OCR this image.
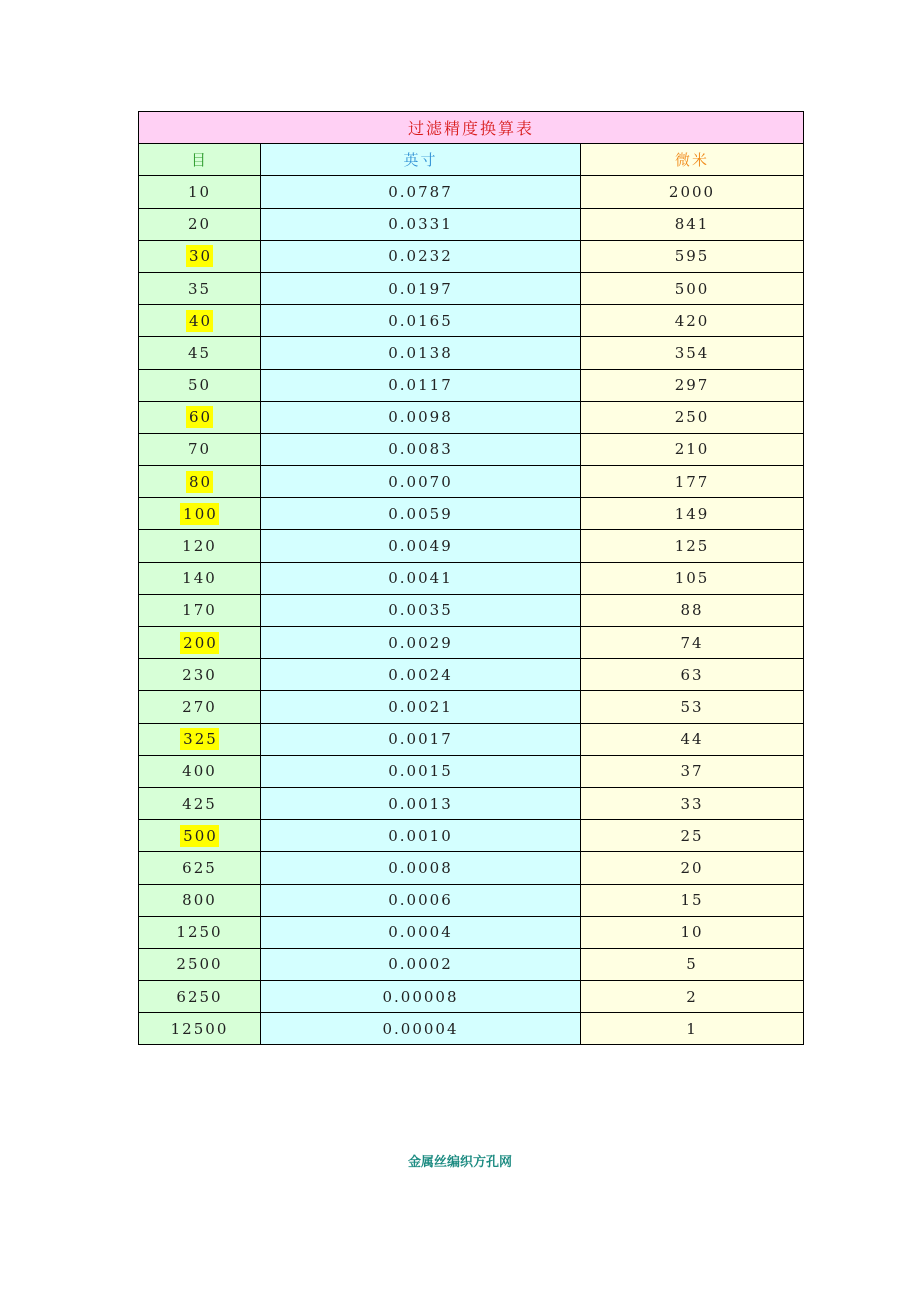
过滤精度换算表		
目	英寸	微米
10	0.0787	2000
20	0.0331	841
30	0.0232	595
35	0.0197	500
40	0.0165	420
45	0.0138	354
50	0.0117	297
60	0.0098	250
70	0.0083	210
80	0.0070	177
100	0.0059	149
120	0.0049	125
140	0.0041	105
170	0.0035	88
200	0.0029	74
230	0.0024	63
270	0.0021	53
325	0.0017	44
400	0.0015	37
425	0.0013	33
500	0.0010	25
625	0.0008	20
800	0.0006	15
1250	0.0004	10
2500	0.0002	5
6250	0.00008	2
12500	0.00004	1
金属丝编织方孔网
